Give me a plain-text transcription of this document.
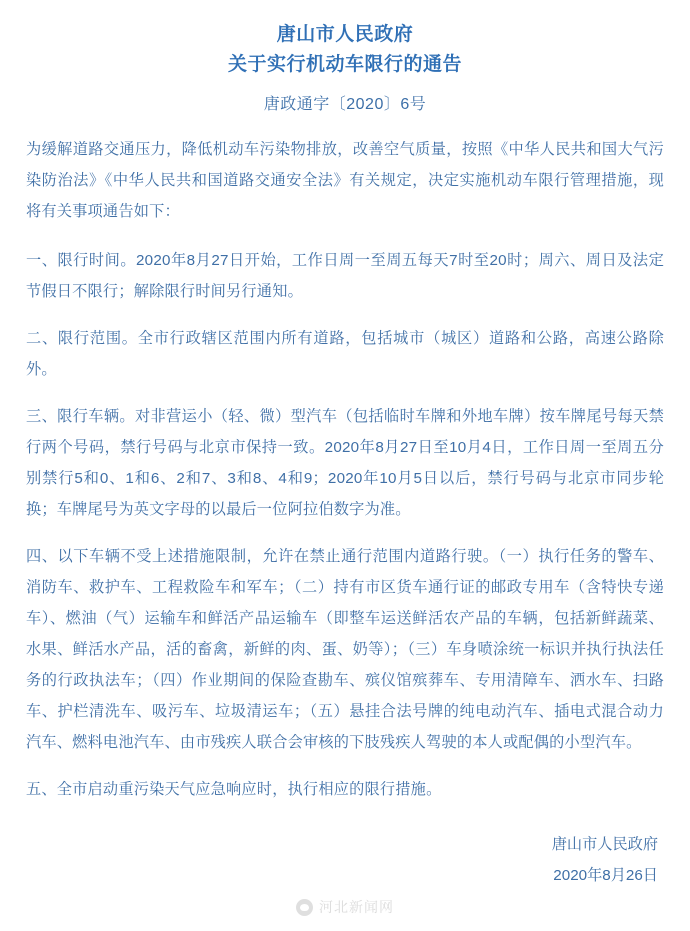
唐山市人民政府
关于实行机动车限行的通告
唐政通字〔2020〕6号

为缓解道路交通压力，降低机动车污染物排放，改善空气质量，按照《中华人民共和国大气污染防治法》《中华人民共和国道路交通安全法》有关规定，决定实施机动车限行管理措施，现将有关事项通告如下：

一、限行时间。2020年8月27日开始，工作日周一至周五每天7时至20时；周六、周日及法定节假日不限行；解除限行时间另行通知。

二、限行范围。全市行政辖区范围内所有道路，包括城市（城区）道路和公路，高速公路除外。

三、限行车辆。对非营运小（轻、微）型汽车（包括临时车牌和外地车牌）按车牌尾号每天禁行两个号码，禁行号码与北京市保持一致。2020年8月27日至10月4日，工作日周一至周五分别禁行5和0、1和6、2和7、3和8、4和9；2020年10月5日以后，禁行号码与北京市同步轮换；车牌尾号为英文字母的以最后一位阿拉伯数字为准。

四、以下车辆不受上述措施限制，允许在禁止通行范围内道路行驶。（一）执行任务的警车、消防车、救护车、工程救险车和军车；（二）持有市区货车通行证的邮政专用车（含特快专递车）、燃油（气）运输车和鲜活产品运输车（即整车运送鲜活农产品的车辆，包括新鲜蔬菜、水果、鲜活水产品，活的畜禽，新鲜的肉、蛋、奶等）；（三）车身喷涂统一标识并执行执法任务的行政执法车；（四）作业期间的保险查勘车、殡仪馆殡葬车、专用清障车、洒水车、扫路车、护栏清洗车、吸污车、垃圾清运车；（五）悬挂合法号牌的纯电动汽车、插电式混合动力汽车、燃料电池汽车、由市残疾人联合会审核的下肢残疾人驾驶的本人或配偶的小型汽车。

五、全市启动重污染天气应急响应时，执行相应的限行措施。

唐山市人民政府
2020年8月26日
河北新闻网
